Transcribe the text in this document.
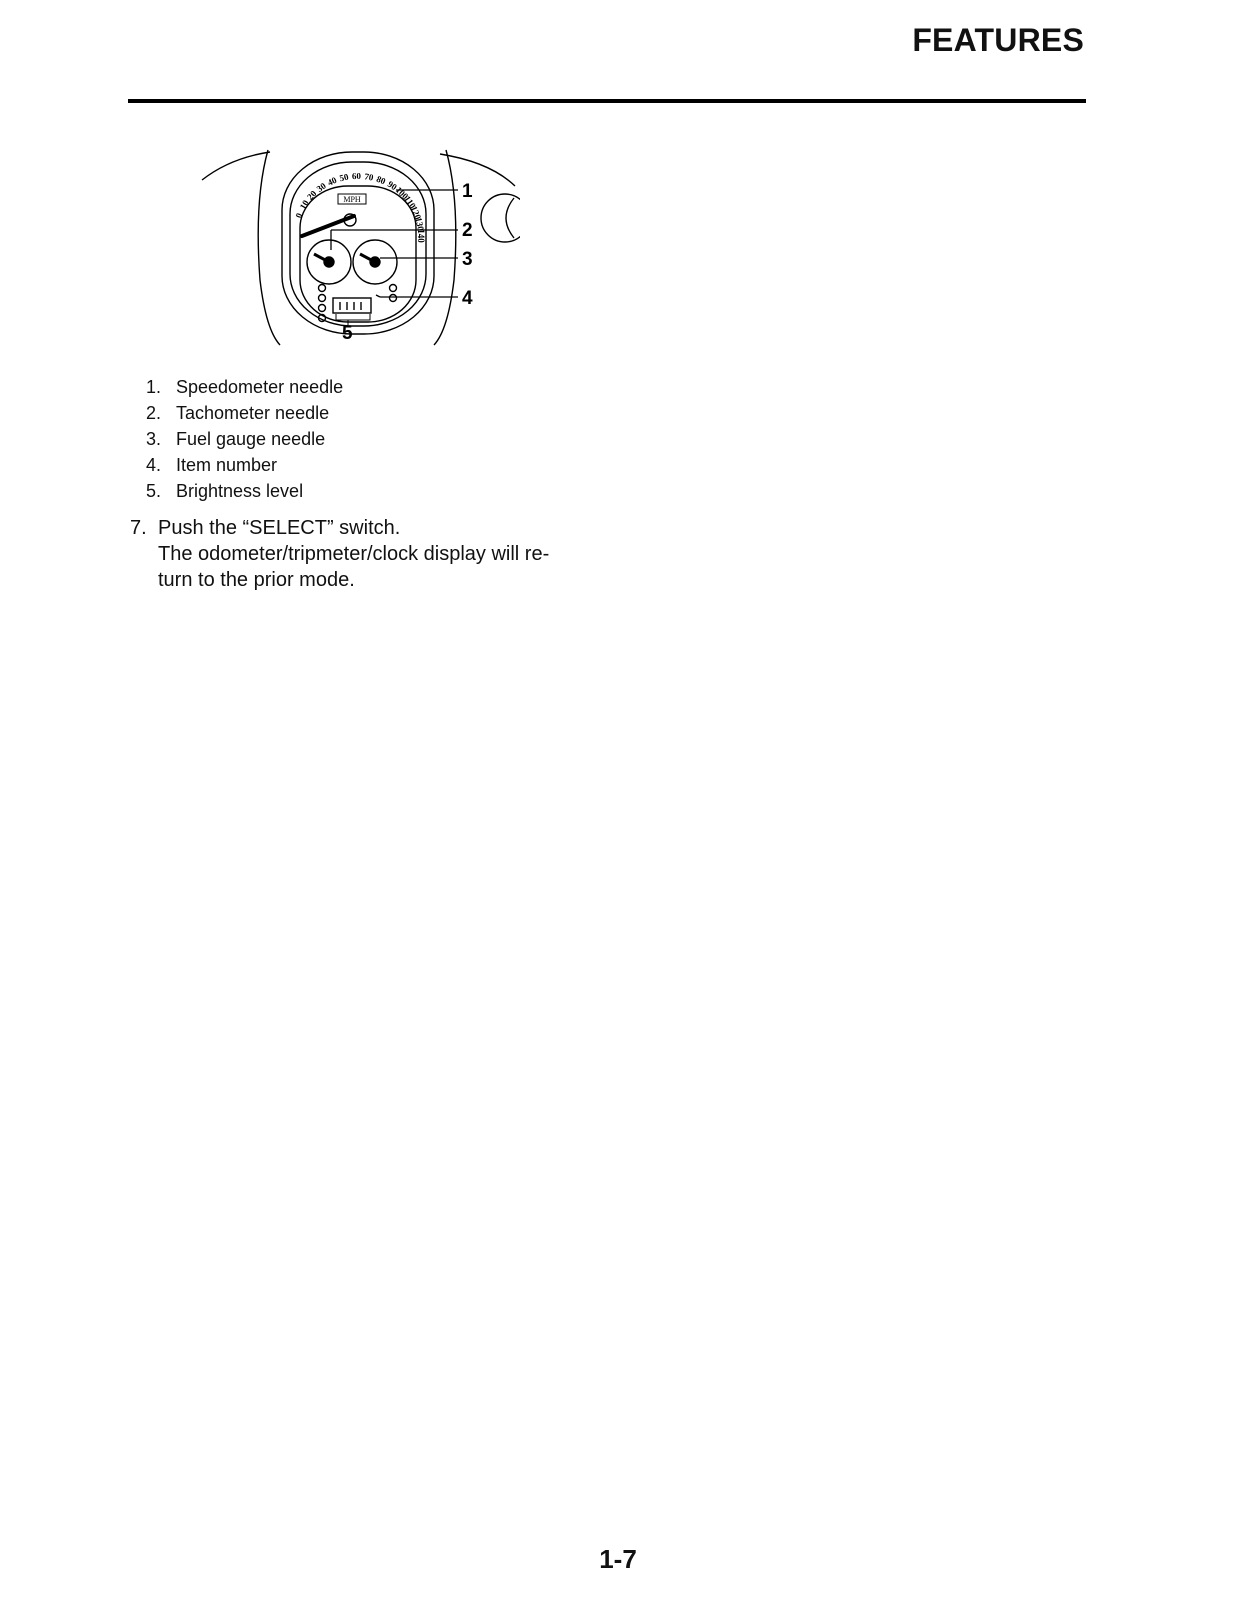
FEATURES
MPH
0
10
20
30
40 50 60 70 80
90
100
110
120
130
140
1
2
3
4
5
1. Speedometer needle
2. Tachometer needle
3. Fuel gauge needle
4. Item number
5. Brightness level
7. Push the “SELECT” switch.
The odometer/tripmeter/clock display will re-
turn to the prior mode.
1-7
